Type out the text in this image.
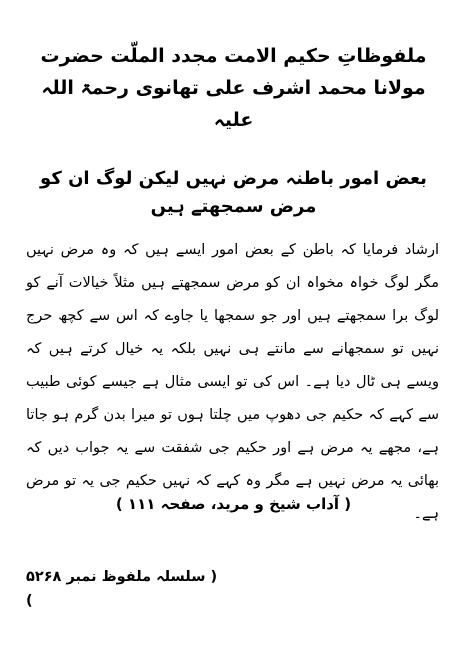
ملفوظاتِ حکیم الامت مجدد الملّت حضرت مولانا محمد اشرف علی تھانوی رحمۃ اللہ علیہ
بعض امور باطنہ مرض نہیں لیکن لوگ ان کو مرض سمجھتے ہیں

ارشاد فرمایا کہ باطن کے بعض امور ایسے ہیں کہ وہ مرض نہیں مگر لوگ خواہ مخواہ ان کو مرض سمجھتے ہیں مثلاً خیالات آنے کو لوگ برا سمجھتے ہیں اور جو سمجھا یا جاوے کہ اس سے کچھ حرج نہیں تو سمجھانے سے مانتے ہی نہیں بلکہ یہ خیال کرتے ہیں کہ ویسے ہی ٹال دیا ہے۔ اس کی تو ایسی مثال ہے جیسے کوئی طبیب سے کہے کہ حکیم جی دھوپ میں چلتا ہوں تو میرا بدن گرم ہو جاتا ہے، مجھے یہ مرض ہے اور حکیم جی شفقت سے یہ جواب دیں کہ بھائی یہ مرض نہیں ہے مگر وہ کہے کہ نہیں حکیم جی یہ تو مرض ہے۔

( آداب شیخ و مرید، صفحہ ۱۱۱ )
( سلسلہ ملفوظ نمبر ۵۲۶۸ )
